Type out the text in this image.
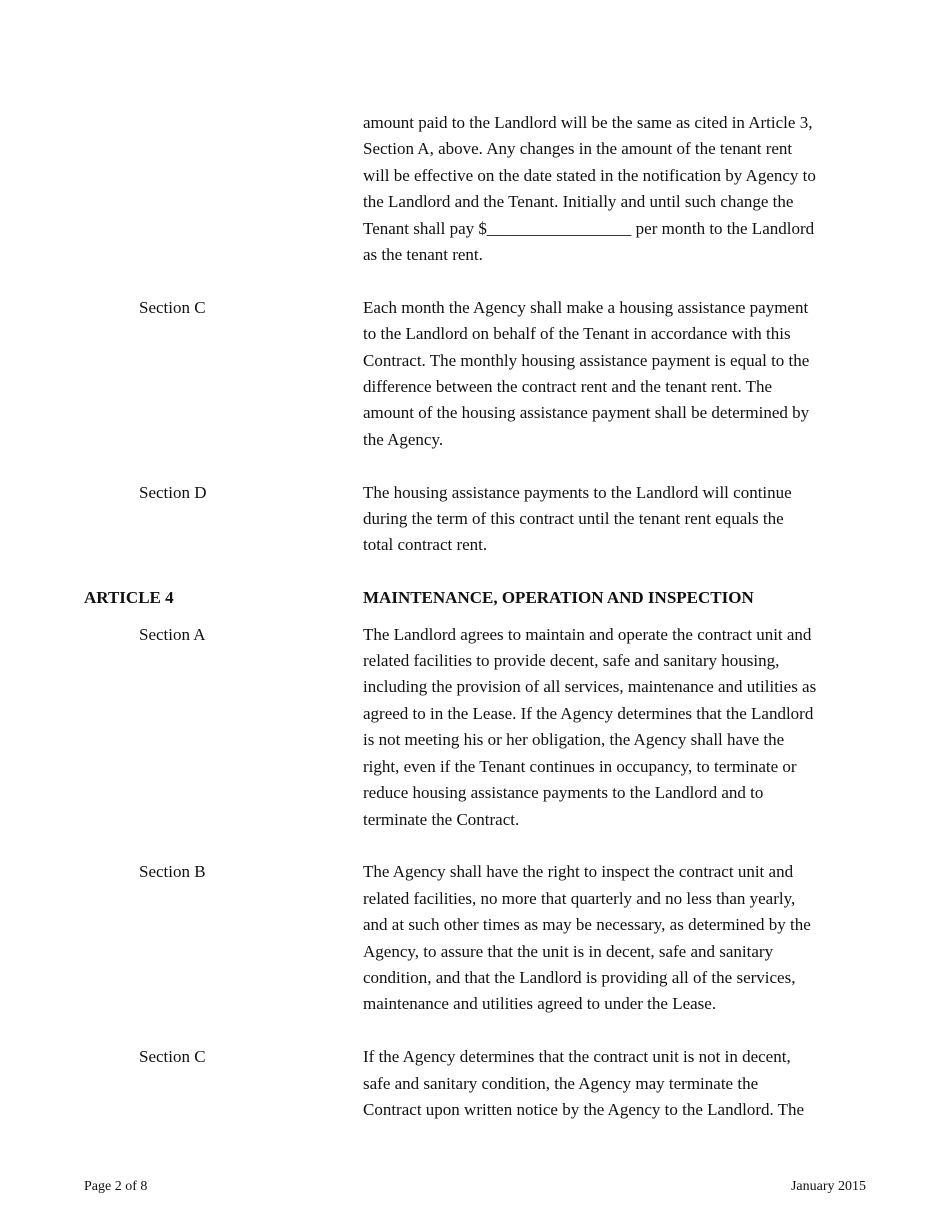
amount paid to the Landlord will be the same as cited in Article 3,
Section A, above. Any changes in the amount of the tenant rent
will be effective on the date stated in the notification by Agency to
the Landlord and the Tenant. Initially and until such change the
Tenant shall pay $_________________ per month to the Landlord
as the tenant rent.
Section C	Each month the Agency shall make a housing assistance payment
to the Landlord on behalf of the Tenant in accordance with this
Contract. The monthly housing assistance payment is equal to the
difference between the contract rent and the tenant rent. The
amount of the housing assistance payment shall be determined by
the Agency.
Section D	The housing assistance payments to the Landlord will continue
during the term of this contract until the tenant rent equals the
total contract rent.
ARTICLE 4	MAINTENANCE, OPERATION AND INSPECTION
Section A	The Landlord agrees to maintain and operate the contract unit and
related facilities to provide decent, safe and sanitary housing,
including the provision of all services, maintenance and utilities as
agreed to in the Lease. If the Agency determines that the Landlord
is not meeting his or her obligation, the Agency shall have the
right, even if the Tenant continues in occupancy, to terminate or
reduce housing assistance payments to the Landlord and to
terminate the Contract.
Section B	The Agency shall have the right to inspect the contract unit and
related facilities, no more that quarterly and no less than yearly,
and at such other times as may be necessary, as determined by the
Agency, to assure that the unit is in decent, safe and sanitary
condition, and that the Landlord is providing all of the services,
maintenance and utilities agreed to under the Lease.
Section C	If the Agency determines that the contract unit is not in decent,
safe and sanitary condition, the Agency may terminate the
Contract upon written notice by the Agency to the Landlord. The
Page 2 of 8	January 2015
